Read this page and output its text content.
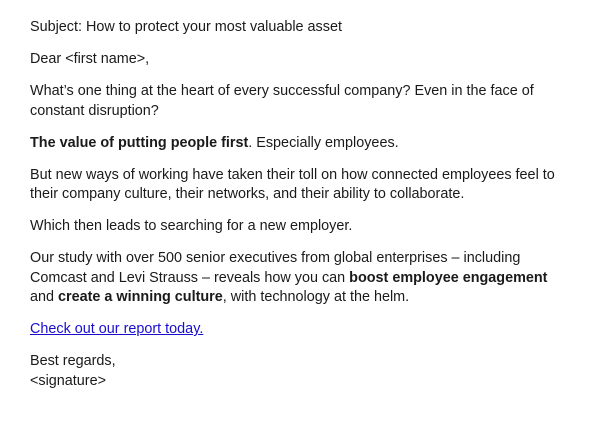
Subject: How to protect your most valuable asset

Dear <first name>,

What’s one thing at the heart of every successful company? Even in the face of constant disruption?

The value of putting people first. Especially employees.

But new ways of working have taken their toll on how connected employees feel to their company culture, their networks, and their ability to collaborate.

Which then leads to searching for a new employer.

Our study with over 500 senior executives from global enterprises – including Comcast and Levi Strauss – reveals how you can boost employee engagement and create a winning culture, with technology at the helm.

Check out our report today.

Best regards,
<signature>
